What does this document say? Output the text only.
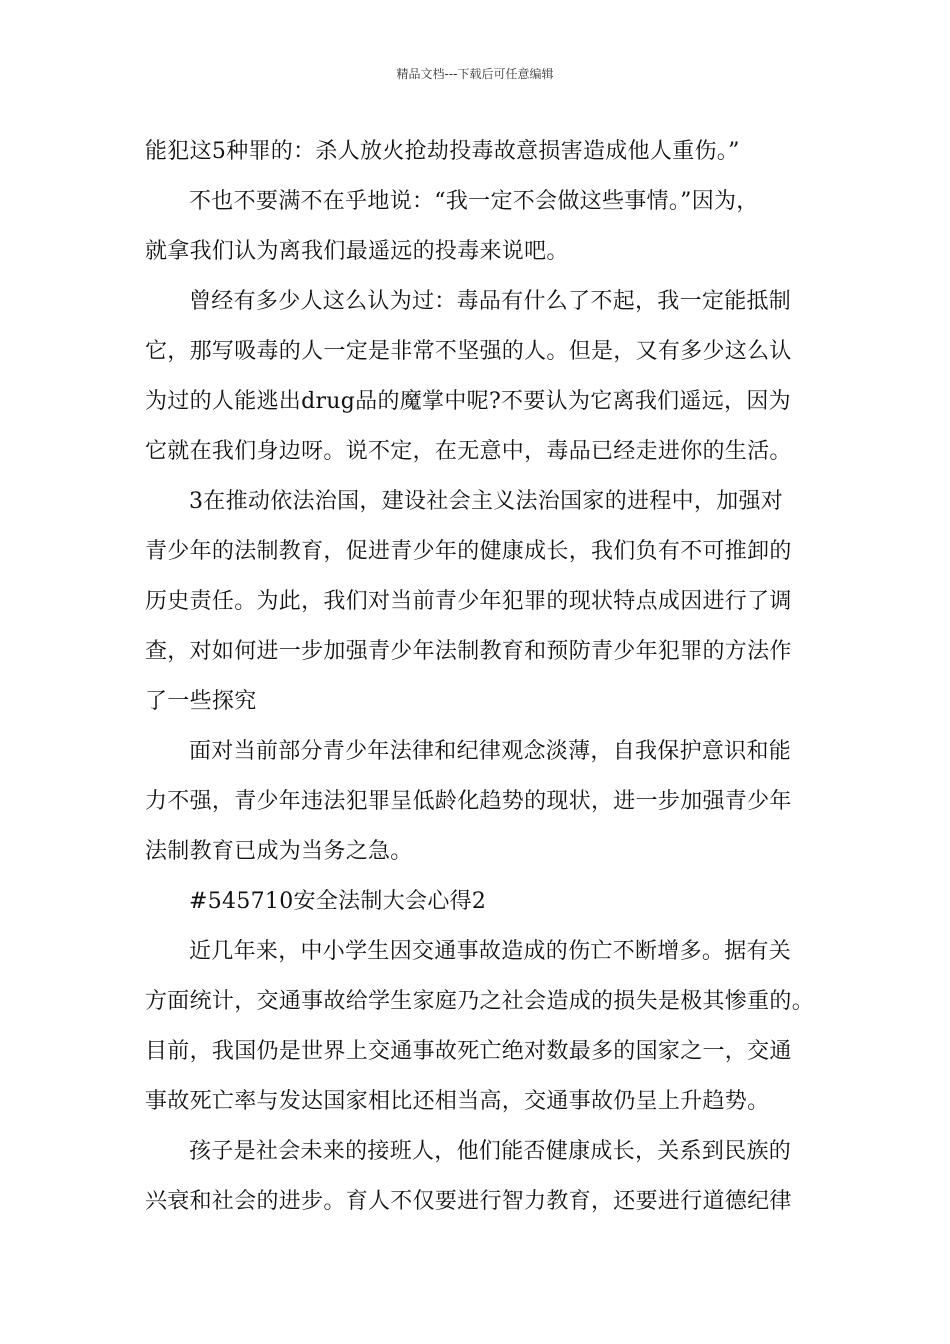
精品文档---下载后可任意编辑
能犯这5种罪的：杀人放火抢劫投毒故意损害造成他人重伤。”
不也不要满不在乎地说：“我一定不会做这些事情。”因为，
就拿我们认为离我们最遥远的投毒来说吧。
曾经有多少人这么认为过：毒品有什么了不起，我一定能抵制
它，那写吸毒的人一定是非常不坚强的人。但是，又有多少这么认
为过的人能逃出drug品的魔掌中呢?不要认为它离我们遥远，因为
它就在我们身边呀。说不定，在无意中，毒品已经走进你的生活。
3在推动依法治国，建设社会主义法治国家的进程中，加强对
青少年的法制教育，促进青少年的健康成长，我们负有不可推卸的
历史责任。为此，我们对当前青少年犯罪的现状特点成因进行了调
查，对如何进一步加强青少年法制教育和预防青少年犯罪的方法作
了一些探究
面对当前部分青少年法律和纪律观念淡薄，自我保护意识和能
力不强，青少年违法犯罪呈低龄化趋势的现状，进一步加强青少年
法制教育已成为当务之急。
#545710安全法制大会心得2
近几年来，中小学生因交通事故造成的伤亡不断增多。据有关
方面统计，交通事故给学生家庭乃之社会造成的损失是极其惨重的。
目前，我国仍是世界上交通事故死亡绝对数最多的国家之一，交通
事故死亡率与发达国家相比还相当高，交通事故仍呈上升趋势。
孩子是社会未来的接班人，他们能否健康成长，关系到民族的
兴衰和社会的进步。育人不仅要进行智力教育，还要进行道德纪律
